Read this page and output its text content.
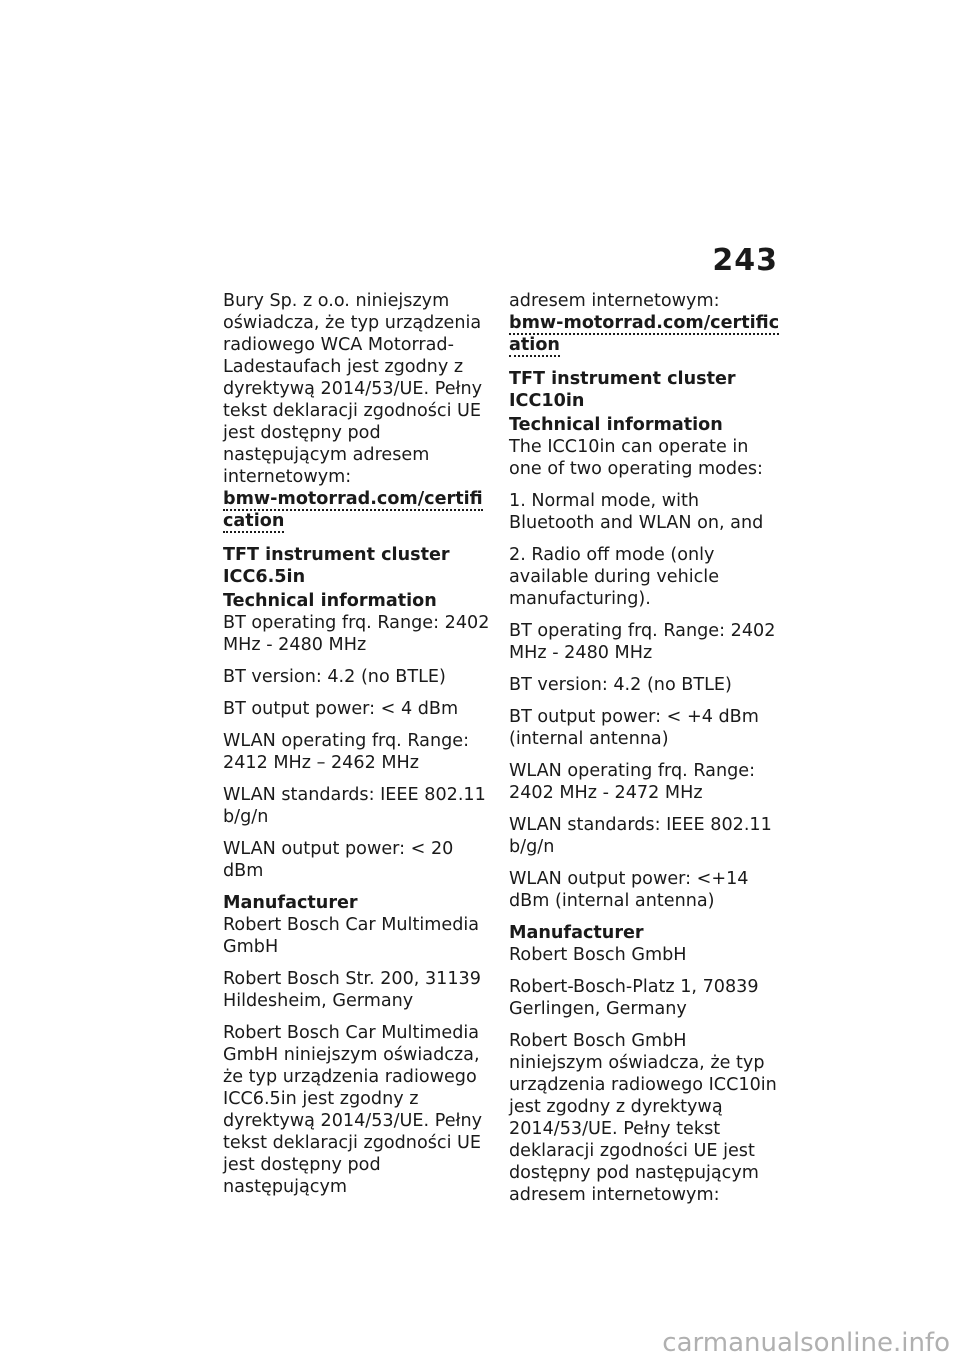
243

Bury Sp. z o.o. niniejszym oświadcza, że typ urządzenia radiowego WCA Motorrad-Ladestaufach jest zgodny z dyrektywą 2014/53/UE. Pełny tekst deklaracji zgodności UE jest dostępny pod następującym adresem internetowym:

bmw-motorrad.com/certification
TFT instrument cluster ICC6.5in
Technical information

BT operating frq. Range: 2402 MHz - 2480 MHz

BT version: 4.2 (no BTLE)

BT output power: < 4 dBm

WLAN operating frq. Range: 2412 MHz – 2462 MHz

WLAN standards: IEEE 802.11 b/g/n

WLAN output power: < 20 dBm

Manufacturer

Robert Bosch Car Multimedia GmbH

Robert Bosch Str. 200, 31139 Hildesheim, Germany

Robert Bosch Car Multimedia GmbH niniejszym oświadcza, że typ urządzenia radiowego ICC6.5in jest zgodny z dyrektywą 2014/53/UE. Pełny tekst deklaracji zgodności UE jest dostępny pod następującym

adresem internetowym:

bmw-motorrad.com/certification
TFT instrument cluster ICC10in
Technical information

The ICC10in can operate in one of two operating modes:

1. Normal mode, with Bluetooth and WLAN on, and

2. Radio off mode (only available during vehicle manufacturing).

BT operating frq. Range: 2402 MHz - 2480 MHz

BT version: 4.2 (no BTLE)

BT output power: < +4 dBm (internal antenna)

WLAN operating frq. Range: 2402 MHz - 2472 MHz

WLAN standards: IEEE 802.11 b/g/n

WLAN output power: <+14 dBm (internal antenna)

Manufacturer

Robert Bosch GmbH

Robert-Bosch-Platz 1, 70839 Gerlingen, Germany

Robert Bosch GmbH niniejszym oświadcza, że typ urządzenia radiowego ICC10in jest zgodny z dyrektywą 2014/53/UE. Pełny tekst deklaracji zgodności UE jest dostępny pod następującym adresem internetowym:

carmanualsonline.info
